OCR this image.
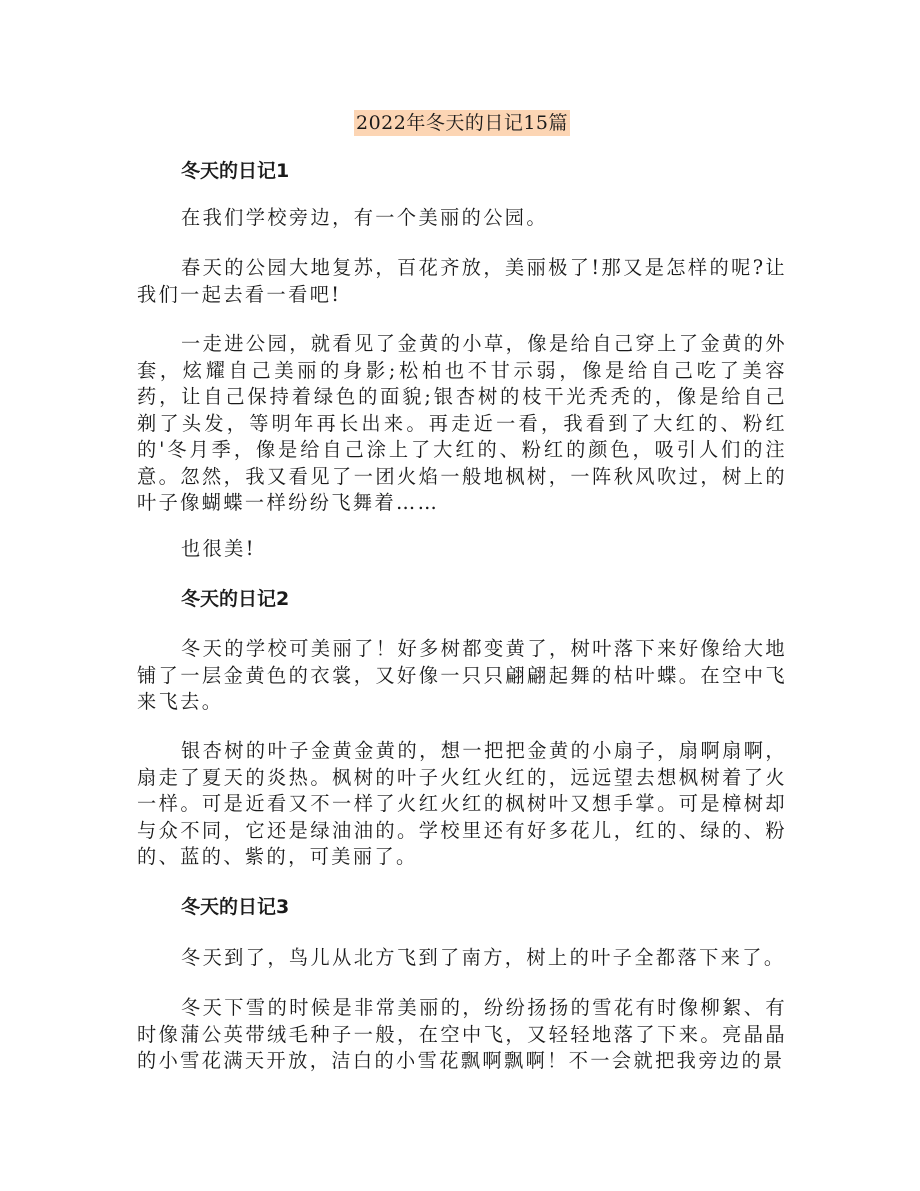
2022年冬天的日记15篇

冬天的日记1

在我们学校旁边，有一个美丽的公园。

春天的公园大地复苏，百花齐放，美丽极了!那又是怎样的呢?让我们一起去看一看吧!

一走进公园，就看见了金黄的小草，像是给自己穿上了金黄的外套，炫耀自己美丽的身影;松柏也不甘示弱，像是给自己吃了美容药，让自己保持着绿色的面貌;银杏树的枝干光秃秃的，像是给自己剃了头发，等明年再长出来。再走近一看，我看到了大红的、粉红的'冬月季，像是给自己涂上了大红的、粉红的颜色，吸引人们的注意。忽然，我又看见了一团火焰一般地枫树，一阵秋风吹过，树上的叶子像蝴蝶一样纷纷飞舞着……

也很美!

冬天的日记2

冬天的学校可美丽了！好多树都变黄了，树叶落下来好像给大地铺了一层金黄色的衣裳，又好像一只只翩翩起舞的枯叶蝶。在空中飞来飞去。

银杏树的叶子金黄金黄的，想一把把金黄的小扇子，扇啊扇啊，扇走了夏天的炎热。枫树的叶子火红火红的，远远望去想枫树着了火一样。可是近看又不一样了火红火红的枫树叶又想手掌。可是樟树却与众不同，它还是绿油油的。学校里还有好多花儿，红的、绿的、粉的、蓝的、紫的，可美丽了。

冬天的日记3

冬天到了，鸟儿从北方飞到了南方，树上的叶子全都落下来了。

冬天下雪的时候是非常美丽的，纷纷扬扬的雪花有时像柳絮、有时像蒲公英带绒毛种子一般，在空中飞，又轻轻地落了下来。亮晶晶的小雪花满天开放，洁白的小雪花飘啊飘啊！不一会就把我旁边的景
